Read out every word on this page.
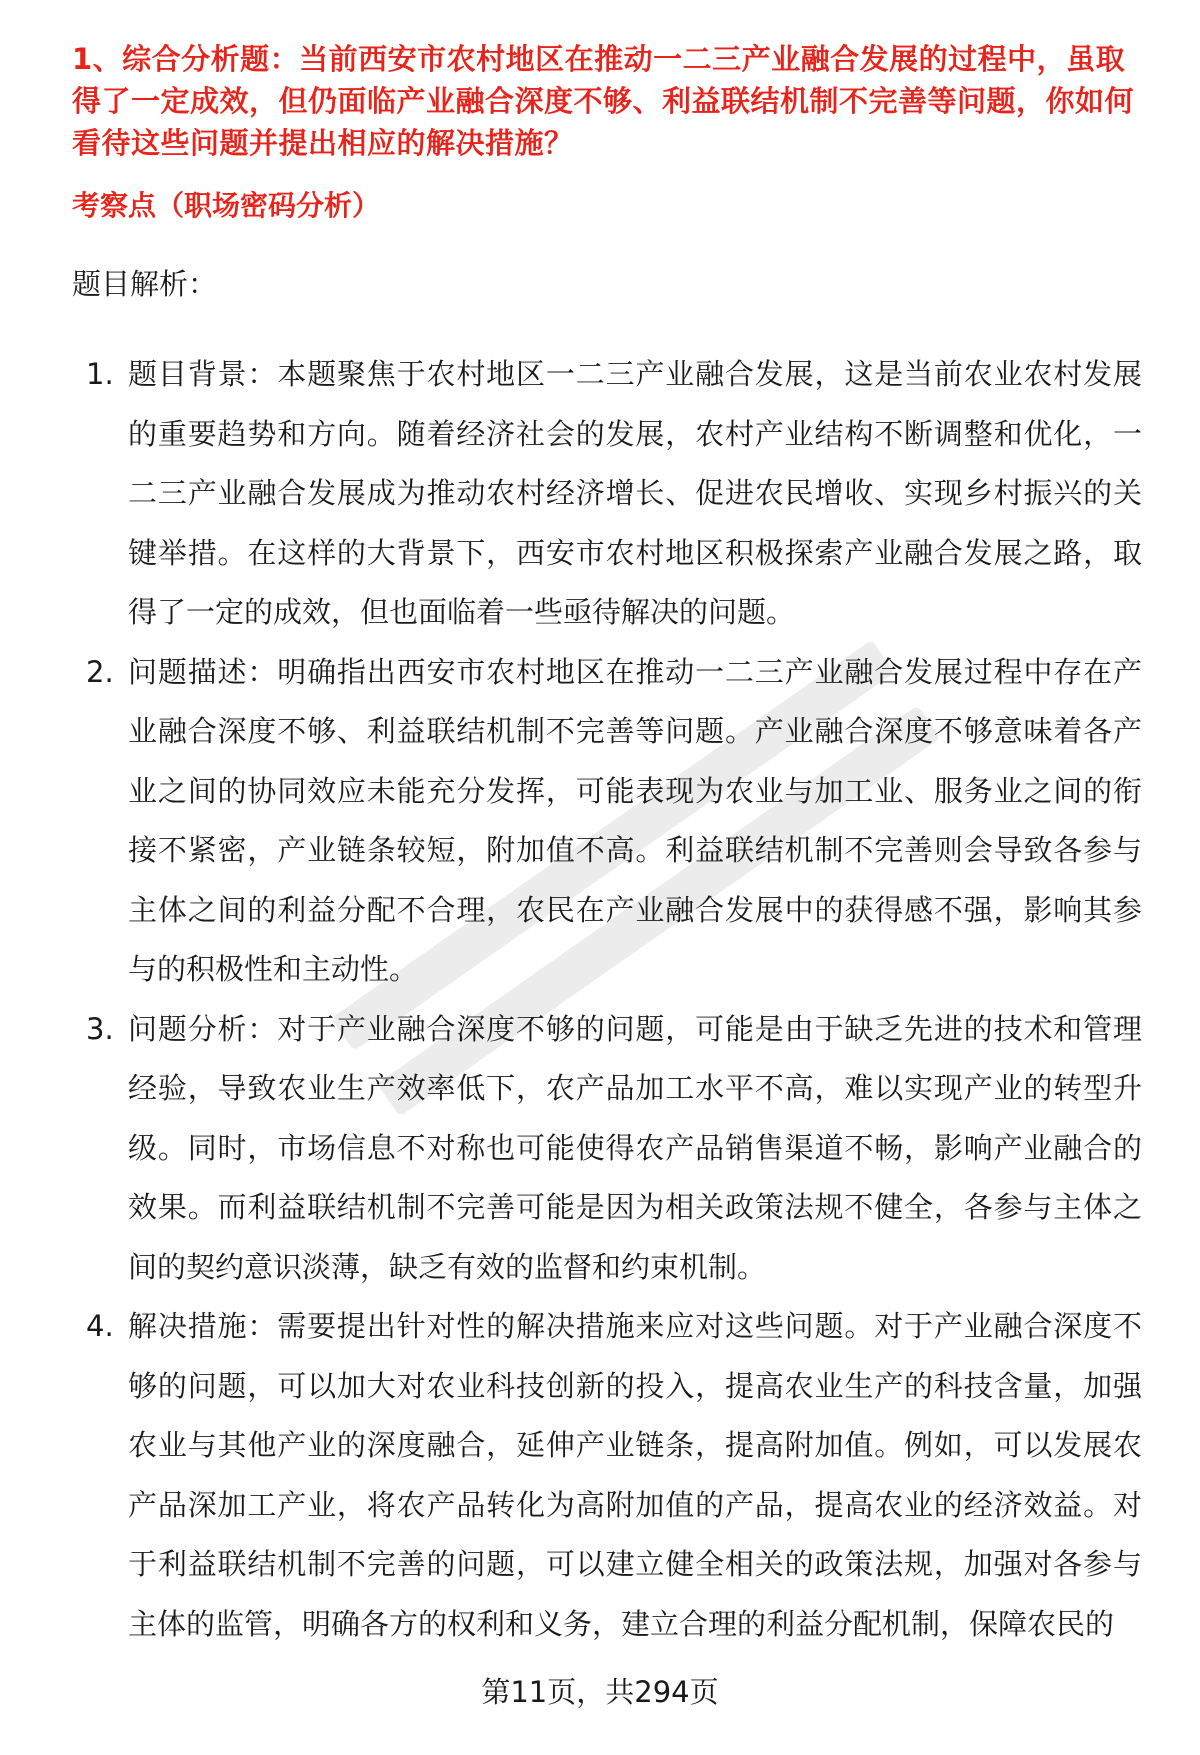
1、综合分析题：当前西安市农村地区在推动一二三产业融合发展的过程中，虽取得了一定成效，但仍面临产业融合深度不够、利益联结机制不完善等问题，你如何看待这些问题并提出相应的解决措施？
考察点（职场密码分析）
题目解析：
1. 题目背景：本题聚焦于农村地区一二三产业融合发展，这是当前农业农村发展的重要趋势和方向。随着经济社会的发展，农村产业结构不断调整和优化，一二三产业融合发展成为推动农村经济增长、促进农民增收、实现乡村振兴的关键举措。在这样的大背景下，西安市农村地区积极探索产业融合发展之路，取得了一定的成效，但也面临着一些亟待解决的问题。
2. 问题描述：明确指出西安市农村地区在推动一二三产业融合发展过程中存在产业融合深度不够、利益联结机制不完善等问题。产业融合深度不够意味着各产业之间的协同效应未能充分发挥，可能表现为农业与加工业、服务业之间的衔接不紧密，产业链条较短，附加值不高。利益联结机制不完善则会导致各参与主体之间的利益分配不合理，农民在产业融合发展中的获得感不强，影响其参与的积极性和主动性。
3. 问题分析：对于产业融合深度不够的问题，可能是由于缺乏先进的技术和管理经验，导致农业生产效率低下，农产品加工水平不高，难以实现产业的转型升级。同时，市场信息不对称也可能使得农产品销售渠道不畅，影响产业融合的效果。而利益联结机制不完善可能是因为相关政策法规不健全，各参与主体之间的契约意识淡薄，缺乏有效的监督和约束机制。
4. 解决措施：需要提出针对性的解决措施来应对这些问题。对于产业融合深度不够的问题，可以加大对农业科技创新的投入，提高农业生产的科技含量，加强农业与其他产业的深度融合，延伸产业链条，提高附加值。例如，可以发展农产品深加工产业，将农产品转化为高附加值的产品，提高农业的经济效益。对于利益联结机制不完善的问题，可以建立健全相关的政策法规，加强对各参与主体的监管，明确各方的权利和义务，建立合理的利益分配机制，保障农民的
第11页，共294页
